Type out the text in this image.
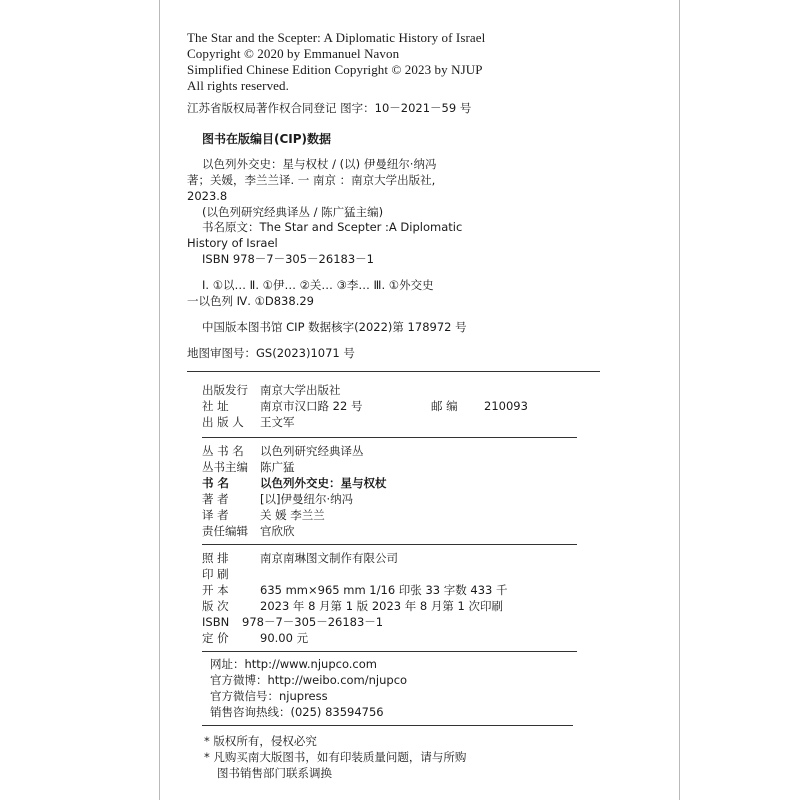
The Star and the Scepter: A Diplomatic History of Israel
Copyright © 2020 by Emmanuel Navon
Simplified Chinese Edition Copyright © 2023 by NJUP
All rights reserved.
江苏省版权局著作权合同登记 图字：10－2021－59 号
图书在版编目(CIP)数据
以色列外交史：星与权杖 / (以) 伊曼纽尔·纳冯
著；关媛，李兰兰译. 一 南京 ：南京大学出版社,
2023.8
(以色列研究经典译丛 / 陈广猛主编)
书名原文：The Star and Scepter :A Diplomatic
History of Israel
ISBN 978－7－305－26183－1
Ⅰ. ①以… Ⅱ. ①伊… ②关… ③李… Ⅲ. ①外交史
一以色列 Ⅳ. ①D838.29
中国版本图书馆 CIP 数据核字(2022)第 178972 号
地图审图号：GS(2023)1071 号
出版发行 南京大学出版社
社 址	南京市汉口路 22 号	邮 编 210093
出 版 人 王文军
丛 书 名 以色列研究经典译丛
丛书主编 陈广猛
书 名	以色列外交史：星与权杖
著 者	[以]伊曼纽尔·纳冯
译 者	关 媛 李兰兰
责任编辑 官欣欣
照 排	南京南琳图文制作有限公司
印 刷
开 本	635 mm×965 mm 1/16 印张 33 字数 433 千
版 次	2023 年 8 月第 1 版 2023 年 8 月第 1 次印刷
ISBN 978－7－305－26183－1
定 价	90.00 元
网址：http://www.njupco.com
官方微博：http://weibo.com/njupco
官方微信号：njupress
销售咨询热线：(025) 83594756
* 版权所有，侵权必究
* 凡购买南大版图书，如有印装质量问题，请与所购
图书销售部门联系调换
